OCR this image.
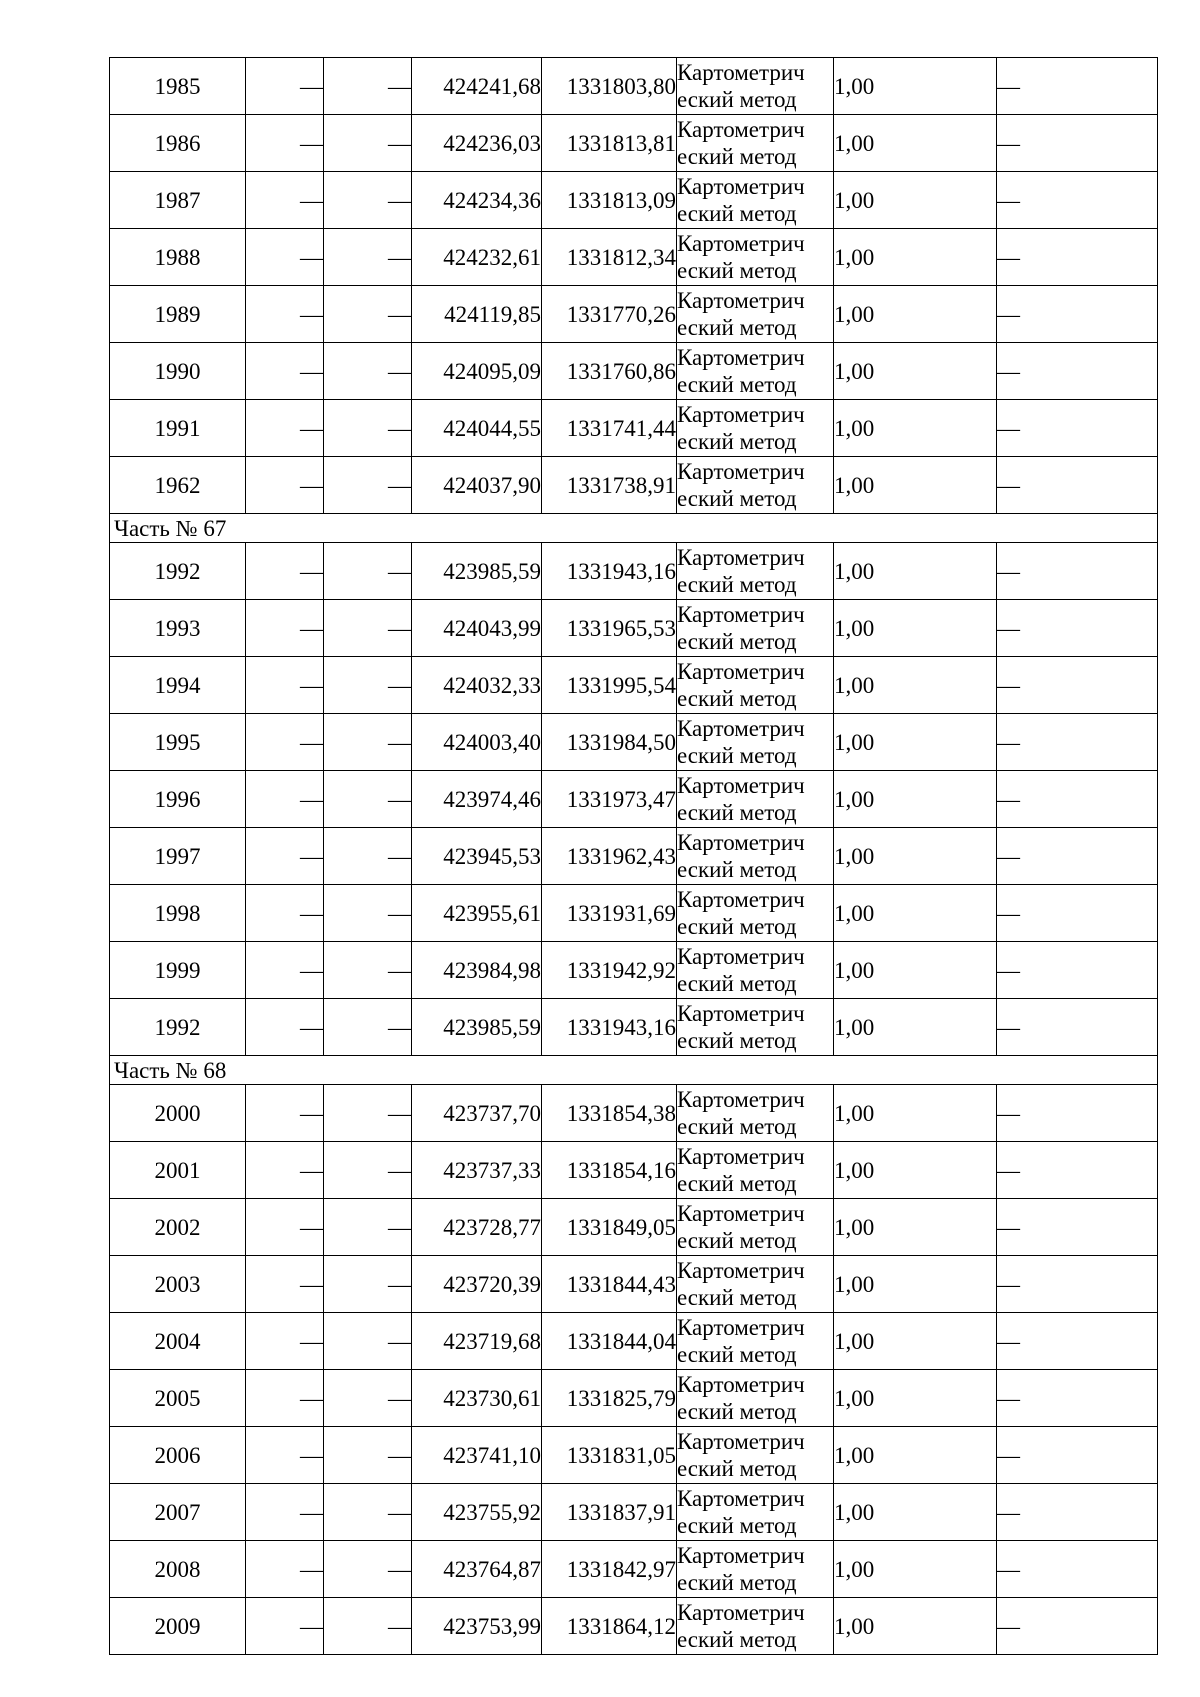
1985	—	—	424241,68	1331803,80	Картометрич
еский метод	1,00	—
1986	—	—	424236,03	1331813,81	Картометрич
еский метод	1,00	—
1987	—	—	424234,36	1331813,09	Картометрич
еский метод	1,00	—
1988	—	—	424232,61	1331812,34	Картометрич
еский метод	1,00	—
1989	—	—	424119,85	1331770,26	Картометрич
еский метод	1,00	—
1990	—	—	424095,09	1331760,86	Картометрич
еский метод	1,00	—
1991	—	—	424044,55	1331741,44	Картометрич
еский метод	1,00	—
1962	—	—	424037,90	1331738,91	Картометрич
еский метод	1,00	—
Часть № 67							
1992	—	—	423985,59	1331943,16	Картометрич
еский метод	1,00	—
1993	—	—	424043,99	1331965,53	Картометрич
еский метод	1,00	—
1994	—	—	424032,33	1331995,54	Картометрич
еский метод	1,00	—
1995	—	—	424003,40	1331984,50	Картометрич
еский метод	1,00	—
1996	—	—	423974,46	1331973,47	Картометрич
еский метод	1,00	—
1997	—	—	423945,53	1331962,43	Картометрич
еский метод	1,00	—
1998	—	—	423955,61	1331931,69	Картометрич
еский метод	1,00	—
1999	—	—	423984,98	1331942,92	Картометрич
еский метод	1,00	—
1992	—	—	423985,59	1331943,16	Картометрич
еский метод	1,00	—
Часть № 68							
2000	—	—	423737,70	1331854,38	Картометрич
еский метод	1,00	—
2001	—	—	423737,33	1331854,16	Картометрич
еский метод	1,00	—
2002	—	—	423728,77	1331849,05	Картометрич
еский метод	1,00	—
2003	—	—	423720,39	1331844,43	Картометрич
еский метод	1,00	—
2004	—	—	423719,68	1331844,04	Картометрич
еский метод	1,00	—
2005	—	—	423730,61	1331825,79	Картометрич
еский метод	1,00	—
2006	—	—	423741,10	1331831,05	Картометрич
еский метод	1,00	—
2007	—	—	423755,92	1331837,91	Картометрич
еский метод	1,00	—
2008	—	—	423764,87	1331842,97	Картометрич
еский метод	1,00	—
2009	—	—	423753,99	1331864,12	Картометрич
еский метод	1,00	—
